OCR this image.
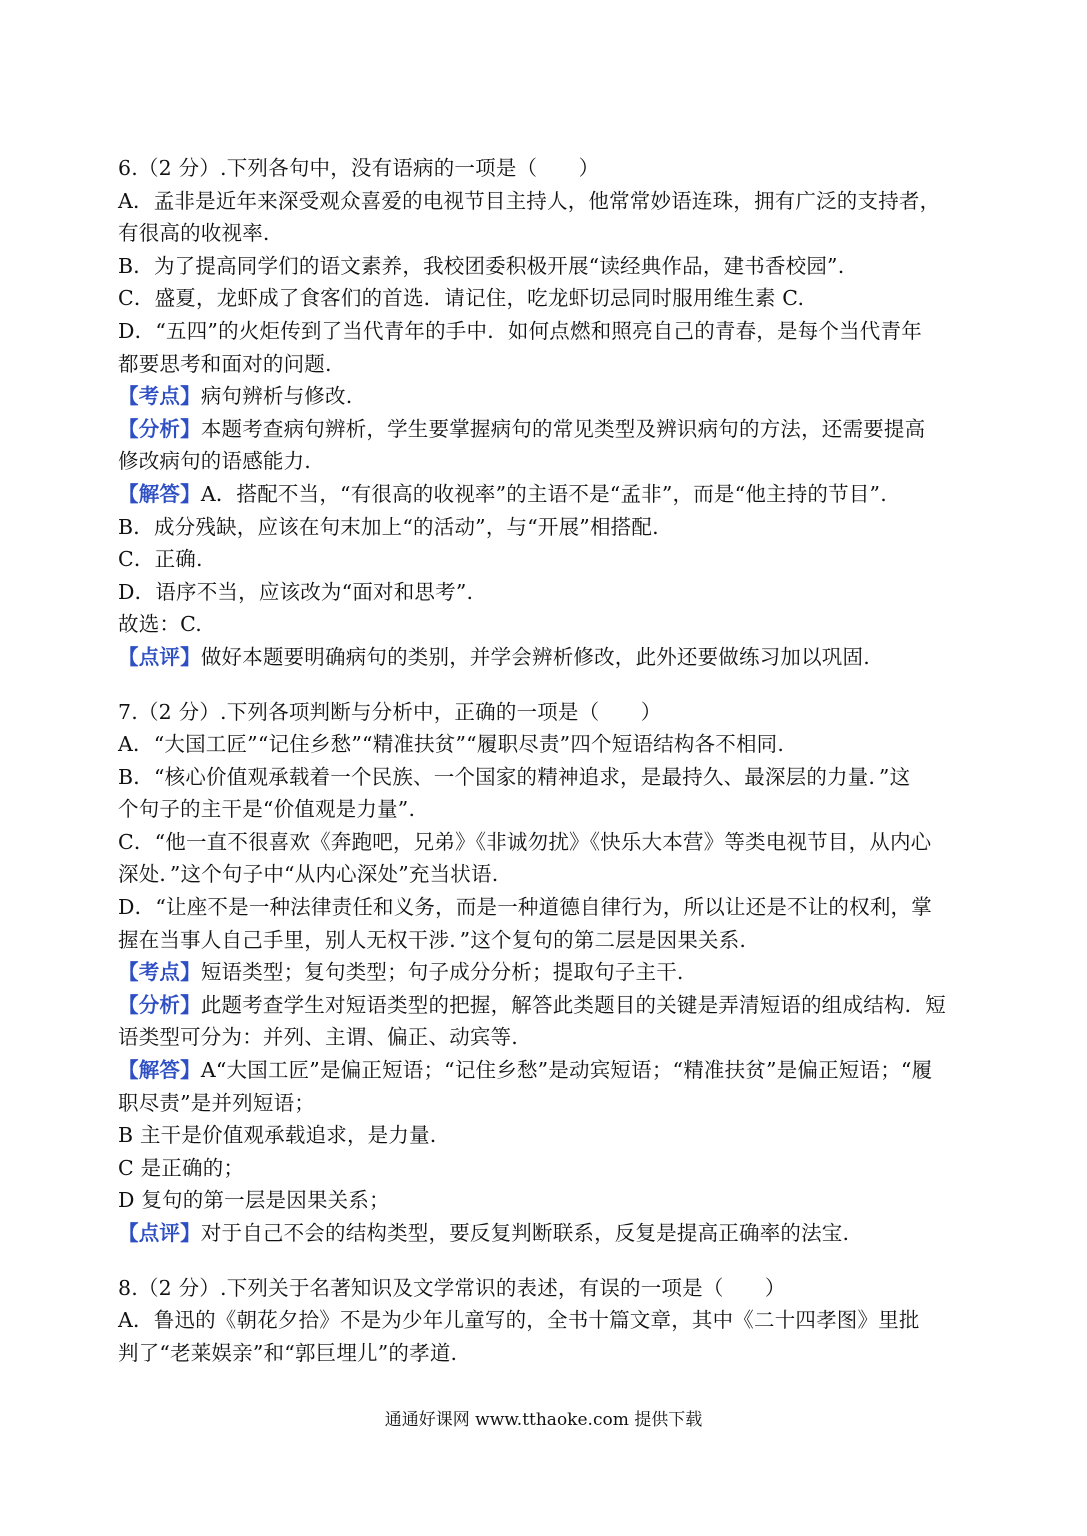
6.（2 分）.下列各句中，没有语病的一项是（　　）
A．孟非是近年来深受观众喜爱的电视节目主持人，他常常妙语连珠，拥有广泛的支持者，
有很高的收视率.
B．为了提高同学们的语文素养，我校团委积极开展“读经典作品，建书香校园”.
C．盛夏，龙虾成了食客们的首选．请记住，吃龙虾切忌同时服用维生素 C.
D．“五四”的火炬传到了当代青年的手中．如何点燃和照亮自己的青春，是每个当代青年
都要思考和面对的问题.
【考点】病句辨析与修改.
【分析】本题考查病句辨析，学生要掌握病句的常见类型及辨识病句的方法，还需要提高
修改病句的语感能力.
【解答】A．搭配不当，“有很高的收视率”的主语不是“孟非”，而是“他主持的节目”.
B．成分残缺，应该在句末加上“的活动”，与“开展”相搭配.
C．正确.
D．语序不当，应该改为“面对和思考”.
故选：C.
【点评】做好本题要明确病句的类别，并学会辨析修改，此外还要做练习加以巩固.
7.（2 分）.下列各项判断与分析中，正确的一项是（　　）
A．“大国工匠”“记住乡愁”“精准扶贫”“履职尽责”四个短语结构各不相同.
B．“核心价值观承载着一个民族、一个国家的精神追求，是最持久、最深层的力量．”这
个句子的主干是“价值观是力量”.
C．“他一直不很喜欢《奔跑吧，兄弟》《非诚勿扰》《快乐大本营》等类电视节目，从内心
深处．”这个句子中“从内心深处”充当状语.
D．“让座不是一种法律责任和义务，而是一种道德自律行为，所以让还是不让的权利，掌
握在当事人自己手里，别人无权干涉．”这个复句的第二层是因果关系.
【考点】短语类型；复句类型；句子成分分析；提取句子主干.
【分析】此题考查学生对短语类型的把握，解答此类题目的关键是弄清短语的组成结构．短
语类型可分为：并列、主谓、偏正、动宾等.
【解答】A“大国工匠”是偏正短语；“记住乡愁”是动宾短语；“精准扶贫”是偏正短语；“履
职尽责”是并列短语；
B 主干是价值观承载追求，是力量.
C 是正确的；
D 复句的第一层是因果关系；
【点评】对于自己不会的结构类型，要反复判断联系，反复是提高正确率的法宝.
8.（2 分）.下列关于名著知识及文学常识的表述，有误的一项是（　　）
A．鲁迅的《朝花夕拾》不是为少年儿童写的，全书十篇文章，其中《二十四孝图》里批
判了“老莱娱亲”和“郭巨埋儿”的孝道.
通通好课网 www.tthaoke.com 提供下载
